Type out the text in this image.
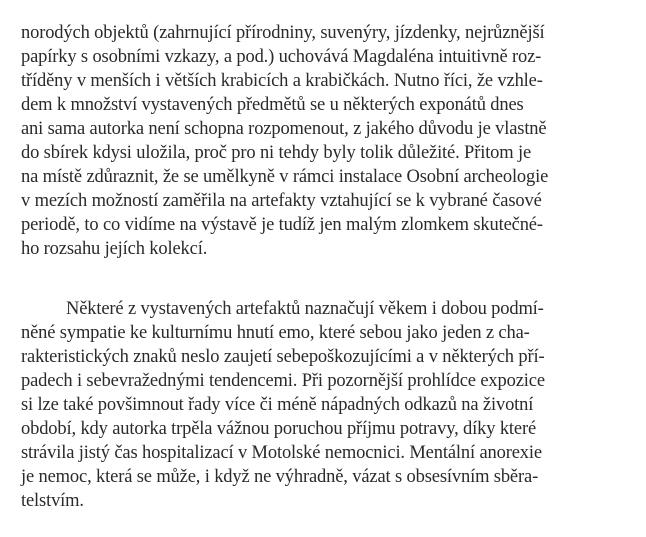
norodých objektů (zahrnující přírodniny, suvenýry, jízdenky, nejrůznější
papírky s osobními vzkazy, a pod.) uchovává Magdaléna intuitivně roz-
tříděny v menších i větších krabicích a krabičkách. Nutno říci, že vzhle-
dem k množství vystavených předmětů se u některých exponátů dnes
ani sama autorka není schopna rozpomenout, z jakého důvodu je vlastně
do sbírek kdysi uložila, proč pro ni tehdy byly tolik důležité. Přitom je
na místě zdůraznit, že se umělkyně v rámci instalace Osobní archeologie
v mezích možností zaměřila na artefakty vztahující se k vybrané časové
periodě, to co vidíme na výstavě je tudíž jen malým zlomkem skutečné-
ho rozsahu jejích kolekcí.
Některé z vystavených artefaktů naznačují věkem i dobou podmí-
něné sympatie ke kulturnímu hnutí emo, které sebou jako jeden z cha-
rakteristických znaků neslo zaujetí sebepoškozujícími a v některých pří-
padech i sebevražednými tendencemi. Při pozornější prohlídce expozice
si lze také povšimnout řady více či méně nápadných odkazů na životní
období, kdy autorka trpěla vážnou poruchou příjmu potravy, díky které
strávila jistý čas hospitalizací v Motolské nemocnici. Mentální anorexie
je nemoc, která se může, i když ne výhradně, vázat s obsesívním sběra-
telstvím.
